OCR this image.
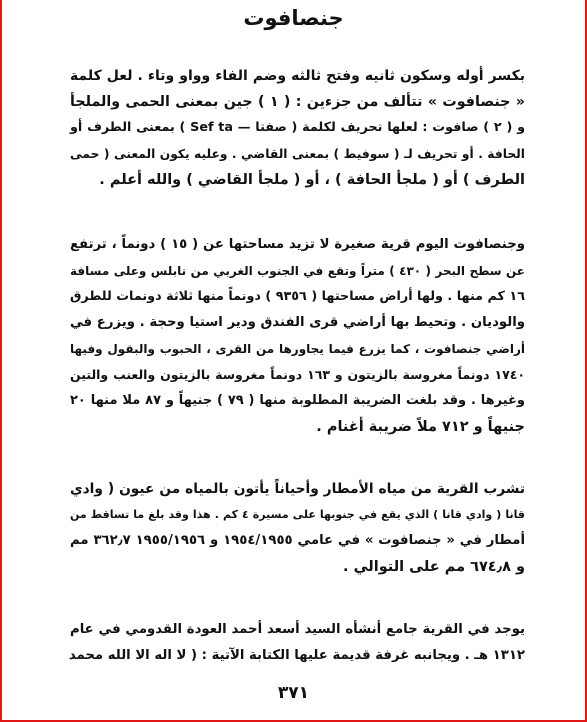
جنصافوت
بكسر أوله وسكون ثانيه وفتح ثالثه وضم الفاء وواو وتاء . لعل كلمة
« جنصافوت » تتألف من جزءين : ( ١ ) جين بمعنى الحمى والملجأ
و ( ٢ ) صافوت : لعلها تحريف لكلمة ( صفتا — Sef ta ) بمعنى الطرف أو
الحافة . أو تحريف لـ ( سوفيط ) بمعنى القاضي . وعليه يكون المعنى ( حمى
الطرف ) أو ( ملجأ الحافة ) ، أو ( ملجأ القاضي ) والله أعلم .
وجنصافوت اليوم قرية صغيرة لا تزيد مساحتها عن ( ١٥ ) دونماً ، ترتفع
عن سطح البحر ( ٤٣٠ ) متراً وتقع في الجنوب الغربي من نابلس وعلى مسافة
١٦ كم منها . ولها أراض مساحتها ( ٩٣٥٦ ) دونماً منها ثلاثة دونمات للطرق
والوديان . وتحيط بها أراضي قرى الفندق ودير استيا وحجة . ويزرع في
أراضي جنصافوت ، كما يزرع فيما يجاورها من القرى ، الحبوب والبقول وفيها
١٧٤٠ دونماً مغروسة بالزيتون و ١٦٣ دونماً مغروسة بالزيتون والعنب والتين
وغيرها . وقد بلغت الضريبة المطلوبة منها ( ٧٩ ) جنيهاً و ٨٧ ملا منها ٢٠
جنيهاً و ٧١٢ ملاً ضريبة أغنام .
تشرب القرية من مياه الأمطار وأحياناً يأتون بالمياه من عيون ( وادي
قانا ( وادي قانا ) الذي يقع في جنوبها على مسيرة ٤ كم . هذا وقد بلغ ما تساقط من
أمطار في « جنصافوت » في عامي ١٩٥٤/١٩٥٥ و ١٩٥٥/١٩٥٦ ٣٦٢٫٧ مم
و ٦٧٤٫٨ مم على التوالي .
يوجد في القرية جامع أنشأه السيد أسعد أحمد العودة القدومي في عام
١٣١٢ هـ . ويجانبه غرفة قديمة عليها الكتابة الآتية : ( لا اله الا الله محمد
٣٧١
